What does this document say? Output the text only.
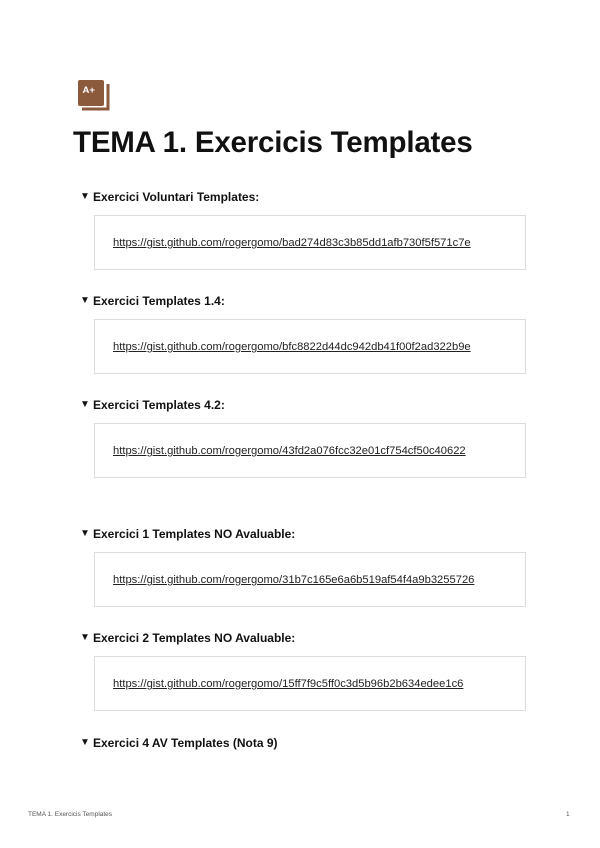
A+
TEMA 1. Exercicis Templates
▼ Exercici Voluntari Templates:
https://gist.github.com/rogergomo/bad274d83c3b85dd1afb730f5f571c7e
▼ Exercici Templates 1.4:
https://gist.github.com/rogergomo/bfc8822d44dc942db41f00f2ad322b9e
▼ Exercici Templates 4.2:
https://gist.github.com/rogergomo/43fd2a076fcc32e01cf754cf50c40622
▼ Exercici 1 Templates NO Avaluable:
https://gist.github.com/rogergomo/31b7c165e6a6b519af54f4a9b3255726
▼ Exercici 2 Templates NO Avaluable:
https://gist.github.com/rogergomo/15ff7f9c5ff0c3d5b96b2b634edee1c6
▼ Exercici 4 AV Templates (Nota 9)
TEMA 1. Exercicis Templates	1
